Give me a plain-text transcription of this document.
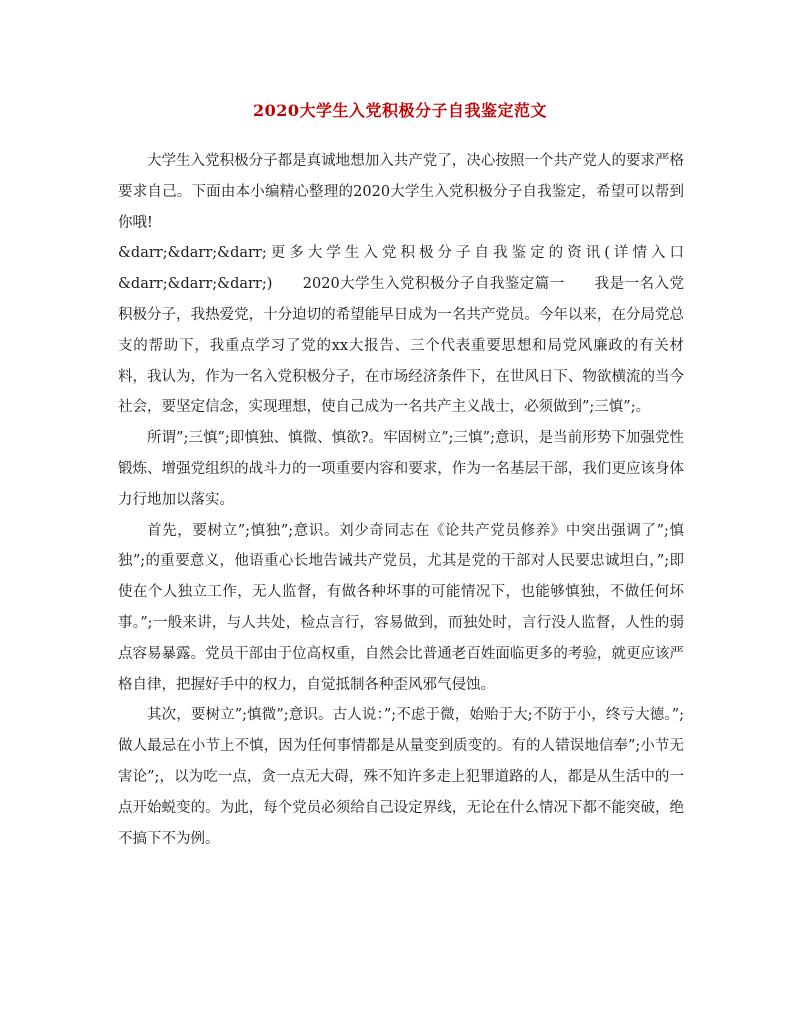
2020大学生入党积极分子自我鉴定范文

大学生入党积极分子都是真诚地想加入共产党了，决心按照一个共产党人的要求严格要求自己。下面由本小编精心整理的2020大学生入党积极分子自我鉴定，希望可以帮到你哦!

&darr;&darr;&darr;更多大学生入党积极分子自我鉴定的资讯(详情入口&darr;&darr;&darr;)　　2020大学生入党积极分子自我鉴定篇一　　我是一名入党积极分子，我热爱党，十分迫切的希望能早日成为一名共产党员。今年以来，在分局党总支的帮助下，我重点学习了党的xx大报告、三个代表重要思想和局党风廉政的有关材料，我认为，作为一名入党积极分子，在市场经济条件下，在世风日下、物欲横流的当今社会，要坚定信念，实现理想，使自己成为一名共产主义战士，必须做到”;三慎”;。

所谓”;三慎”;即慎独、慎微、慎欲?。牢固树立”;三慎”;意识，是当前形势下加强党性锻炼、增强党组织的战斗力的一项重要内容和要求，作为一名基层干部，我们更应该身体力行地加以落实。

首先，要树立”;慎独”;意识。刘少奇同志在《论共产党员修养》中突出强调了”;慎独”;的重要意义，他语重心长地告诫共产党员，尤其是党的干部对人民要忠诚坦白，”;即使在个人独立工作，无人监督，有做各种坏事的可能情况下，也能够慎独，不做任何坏事。”;一般来讲，与人共处，检点言行，容易做到，而独处时，言行没人监督，人性的弱点容易暴露。党员干部由于位高权重，自然会比普通老百姓面临更多的考验，就更应该严格自律，把握好手中的权力，自觉抵制各种歪风邪气侵蚀。

其次，要树立”;慎微”;意识。古人说：”;不虑于微，始贻于大;不防于小，终亏大德。”;做人最忌在小节上不慎，因为任何事情都是从量变到质变的。有的人错误地信奉”;小节无害论”;，以为吃一点，贪一点无大碍，殊不知许多走上犯罪道路的人，都是从生活中的一点开始蜕变的。为此，每个党员必须给自己设定界线，无论在什么情况下都不能突破，绝不搞下不为例。
